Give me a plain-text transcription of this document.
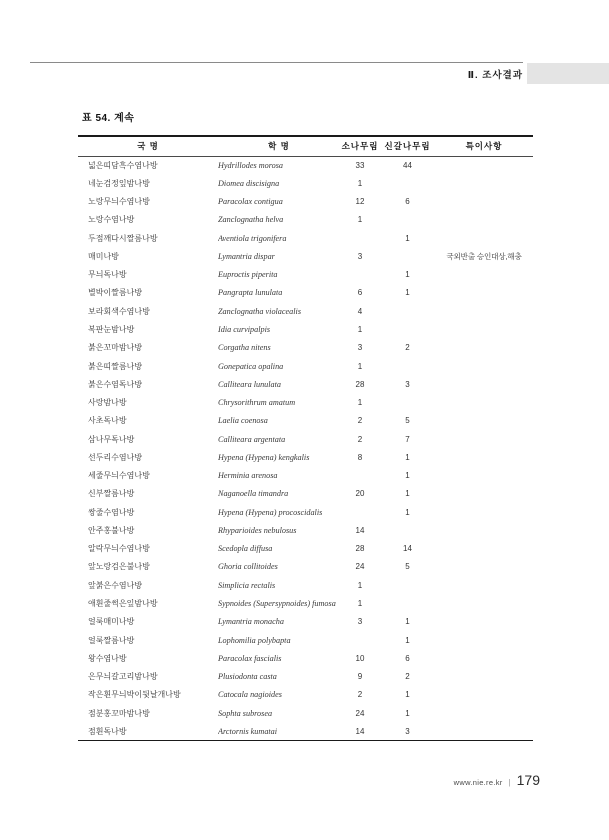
Ⅱ. 조사결과
표 54. 계속
국 명	학 명	소나무림	신갈나무림	특이사항
넓은띠담흑수염나방	Hydrillodes morosa	33	44	
네눈검정잎밤나방	Diomea discisigna	1		
노랑무늬수염나방	Paracolax contigua	12	6	
노랑수염나방	Zanclognatha helva	1		
두점깨다시짤름나방	Aventiola trigonifera		1	
매미나방	Lymantria dispar	3		국외반출 승인대상,해충
무늬독나방	Euproctis piperita		1	
별박이짤름나방	Pangrapta lunulata	6	1	
보라회색수염나방	Zanclognatha violacealis	4		
복판눈밤나방	Idia curvipalpis	1		
붉은꼬마밤나방	Corgatha nitens	3	2	
붉은띠짤름나방	Gonepatica opalina	1		
붉은수염독나방	Calliteara lunulata	28	3	
사랑밤나방	Chrysorithrum amatum	1		
사초독나방	Laelia coenosa	2	5	
삼나무독나방	Calliteara argentata	2	7	
선두리수염나방	Hypena (Hypena) kengkalis	8	1	
세줄무늬수염나방	Herminia arenosa		1	
신부짤름나방	Naganoella timandra	20	1	
쌍줄수염나방	Hypena (Hypena) procoscidalis		1	
안주홍불나방	Rhyparioides nebulosus	14		
알락무늬수염나방	Scedopla diffusa	28	14	
앞노랑검은불나방	Ghoria collitoides	24	5	
앞붉은수염나방	Simplicia rectalis	1		
애흰줄썩은잎밤나방	Sypnoides (Supersypnoides) fumosa	1		
얼룩매미나방	Lymantria monacha	3	1	
얼룩짤름나방	Lophomilia polybapta		1	
왕수염나방	Paracolax fascialis	10	6	
은무늬갈고리밤나방	Plusiodonta casta	9	2	
작은흰무늬박이뒷날개나방	Catocala nagioides	2	1	
점분홍꼬마밤나방	Sophta subrosea	24	1	
점흰독나방	Arctornis kumatai	14	3	
www.nie.re.kr | 179
